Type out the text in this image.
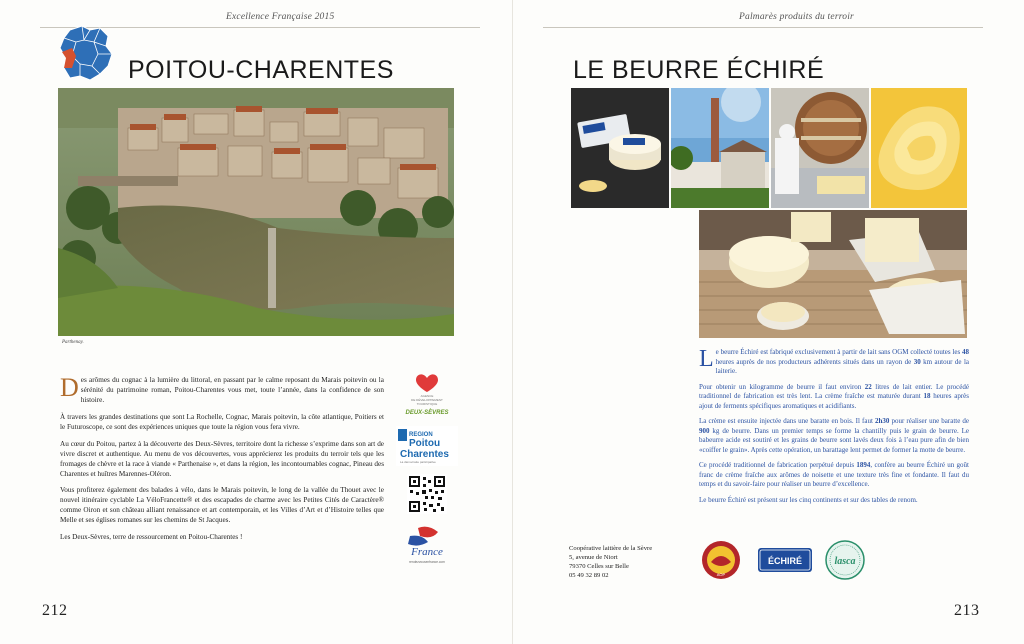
Excellence Française 2015
POITOU-CHARENTES
Parthenay.

Des arômes du cognac à la lumière du littoral, en passant par le calme reposant du Marais poitevin ou la sérénité du patrimoine roman, Poitou-Charentes vous met, toute l’année, dans la confidence de son histoire.

À travers les grandes destinations que sont La Rochelle, Cognac, Marais poitevin, la côte atlantique, Poitiers et le Futuroscope, ce sont des expériences uniques que toute la région vous fera vivre.

Au cœur du Poitou, partez à la découverte des Deux-Sèvres, territoire dont la richesse s’exprime dans son art de vivre discret et authentique. Au menu de vos découvertes, vous apprécierez les produits du terroir tels que les fromages de chèvre et la race à viande « Parthenaise », et dans la région, les incontournables cognac, Pineau des Charentes et huîtres Marennes-Oléron.

Vous profiterez également des balades à vélo, dans le Marais poitevin, le long de la vallée du Thouet avec le nouvel itinéraire cyclable La VéloFrancette® et des escapades de charme avec les Petites Cités de Caractère® comme Oiron et son château alliant renaissance et art contemporain, et les Villes d’Art et d’Histoire telles que Melle et ses églises romanes sur les chemins de St Jacques.

Les Deux-Sèvres, terre de ressourcement en Poitou-Charentes !

AGENCE
DE DÉVELOPPEMENT
TOURISTIQUE
DEUX-SÈVRES
REGION
Poitou
Charentes
La démocratie participative
France
rendezvousenfrance.com
212
Palmarès produits du terroir
LE BEURRE ÉCHIRÉ

Le beurre Échiré est fabriqué exclusivement à partir de lait sans OGM collecté toutes les 48 heures auprès de nos producteurs adhérents situés dans un rayon de 30 km autour de la laiterie.

Pour obtenir un kilogramme de beurre il faut environ 22 litres de lait entier. Le procédé traditionnel de fabrication est très lent. La crème fraîche est maturée durant 18 heures après ajout de ferments spécifiques aromatiques et acidifiants.

La crème est ensuite injectée dans une baratte en bois. Il faut 2h30 pour réaliser une baratte de 900 kg de beurre. Dans un premier temps se forme la chantilly puis le grain de beurre. Le babeurre acide est soutiré et les grains de beurre sont lavés deux fois à l’eau pure afin de bien «coiffer le grain». Après cette opération, un barattage lent permet de former la motte de beurre.

Ce procédé traditionnel de fabrication perpétué depuis 1894, confère au beurre Échiré un goût franc de crème fraîche aux arômes de noisette et une texture très fine et fondante. Il faut du temps et du savoir-faire pour réaliser un beurre d’excellence.

Le beurre Échiré est présent sur les cinq continents et sur des tables de renom.

Coopérative laitière de la Sèvre
5, avenue de Niort
79370 Celles sur Belle
05 49 32 89 02	AOP
ÉCHIRÉ	lasca
213
